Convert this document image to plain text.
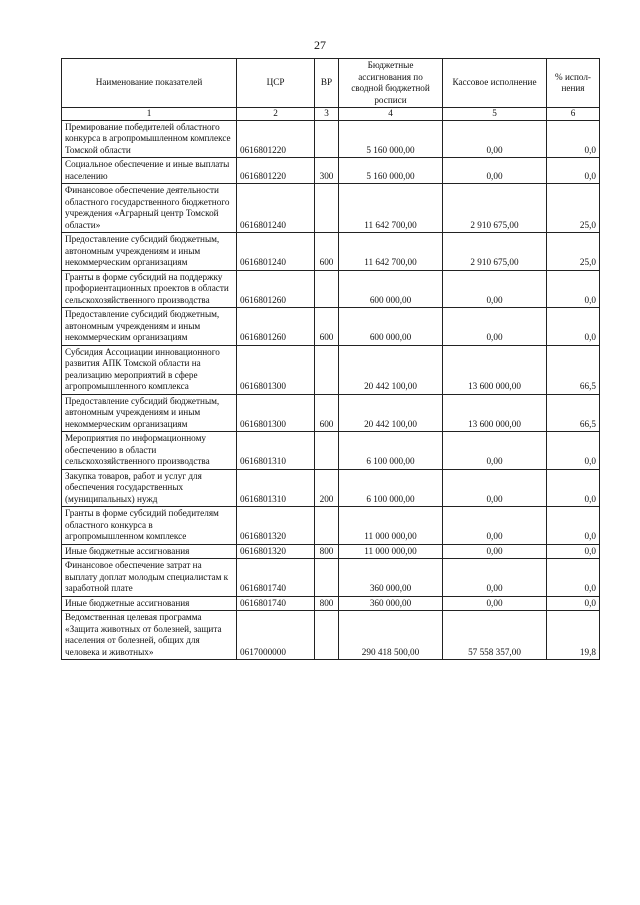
27
Наименование показателей	ЦСР	ВР	Бюджетные ассигнования по сводной бюджетной росписи	Кассовое исполнение	% испол-нения
1	2	3	4	5	6
Премирование победителей областного конкурса в агропромышленном комплексе Томской области	0616801220		5 160 000,00	0,00	0,0
Социальное обеспечение и иные выплаты населению	0616801220	300	5 160 000,00	0,00	0,0
Финансовое обеспечение деятельности областного государственного бюджетного учреждения «Аграрный центр Томской области»	0616801240		11 642 700,00	2 910 675,00	25,0
Предоставление субсидий бюджетным, автономным учреждениям и иным некоммерческим организациям	0616801240	600	11 642 700,00	2 910 675,00	25,0
Гранты в форме субсидий на поддержку профориентационных проектов в области сельскохозяйственного производства	0616801260		600 000,00	0,00	0,0
Предоставление субсидий бюджетным, автономным учреждениям и иным некоммерческим организациям	0616801260	600	600 000,00	0,00	0,0
Субсидия Ассоциации инновационного развития АПК Томской области на реализацию мероприятий в сфере агропромышленного комплекса	0616801300		20 442 100,00	13 600 000,00	66,5
Предоставление субсидий бюджетным, автономным учреждениям и иным некоммерческим организациям	0616801300	600	20 442 100,00	13 600 000,00	66,5
Мероприятия по информационному обеспечению в области сельскохозяйственного производства	0616801310		6 100 000,00	0,00	0,0
Закупка товаров, работ и услуг для обеспечения государственных (муниципальных) нужд	0616801310	200	6 100 000,00	0,00	0,0
Гранты в форме субсидий победителям областного конкурса в агропромышленном комплексе	0616801320		11 000 000,00	0,00	0,0
Иные бюджетные ассигнования	0616801320	800	11 000 000,00	0,00	0,0
Финансовое обеспечение затрат на выплату доплат молодым специалистам к заработной плате	0616801740		360 000,00	0,00	0,0
Иные бюджетные ассигнования	0616801740	800	360 000,00	0,00	0,0
Ведомственная целевая программа «Защита животных от болезней, защита населения от болезней, общих для человека и животных»	0617000000		290 418 500,00	57 558 357,00	19,8
